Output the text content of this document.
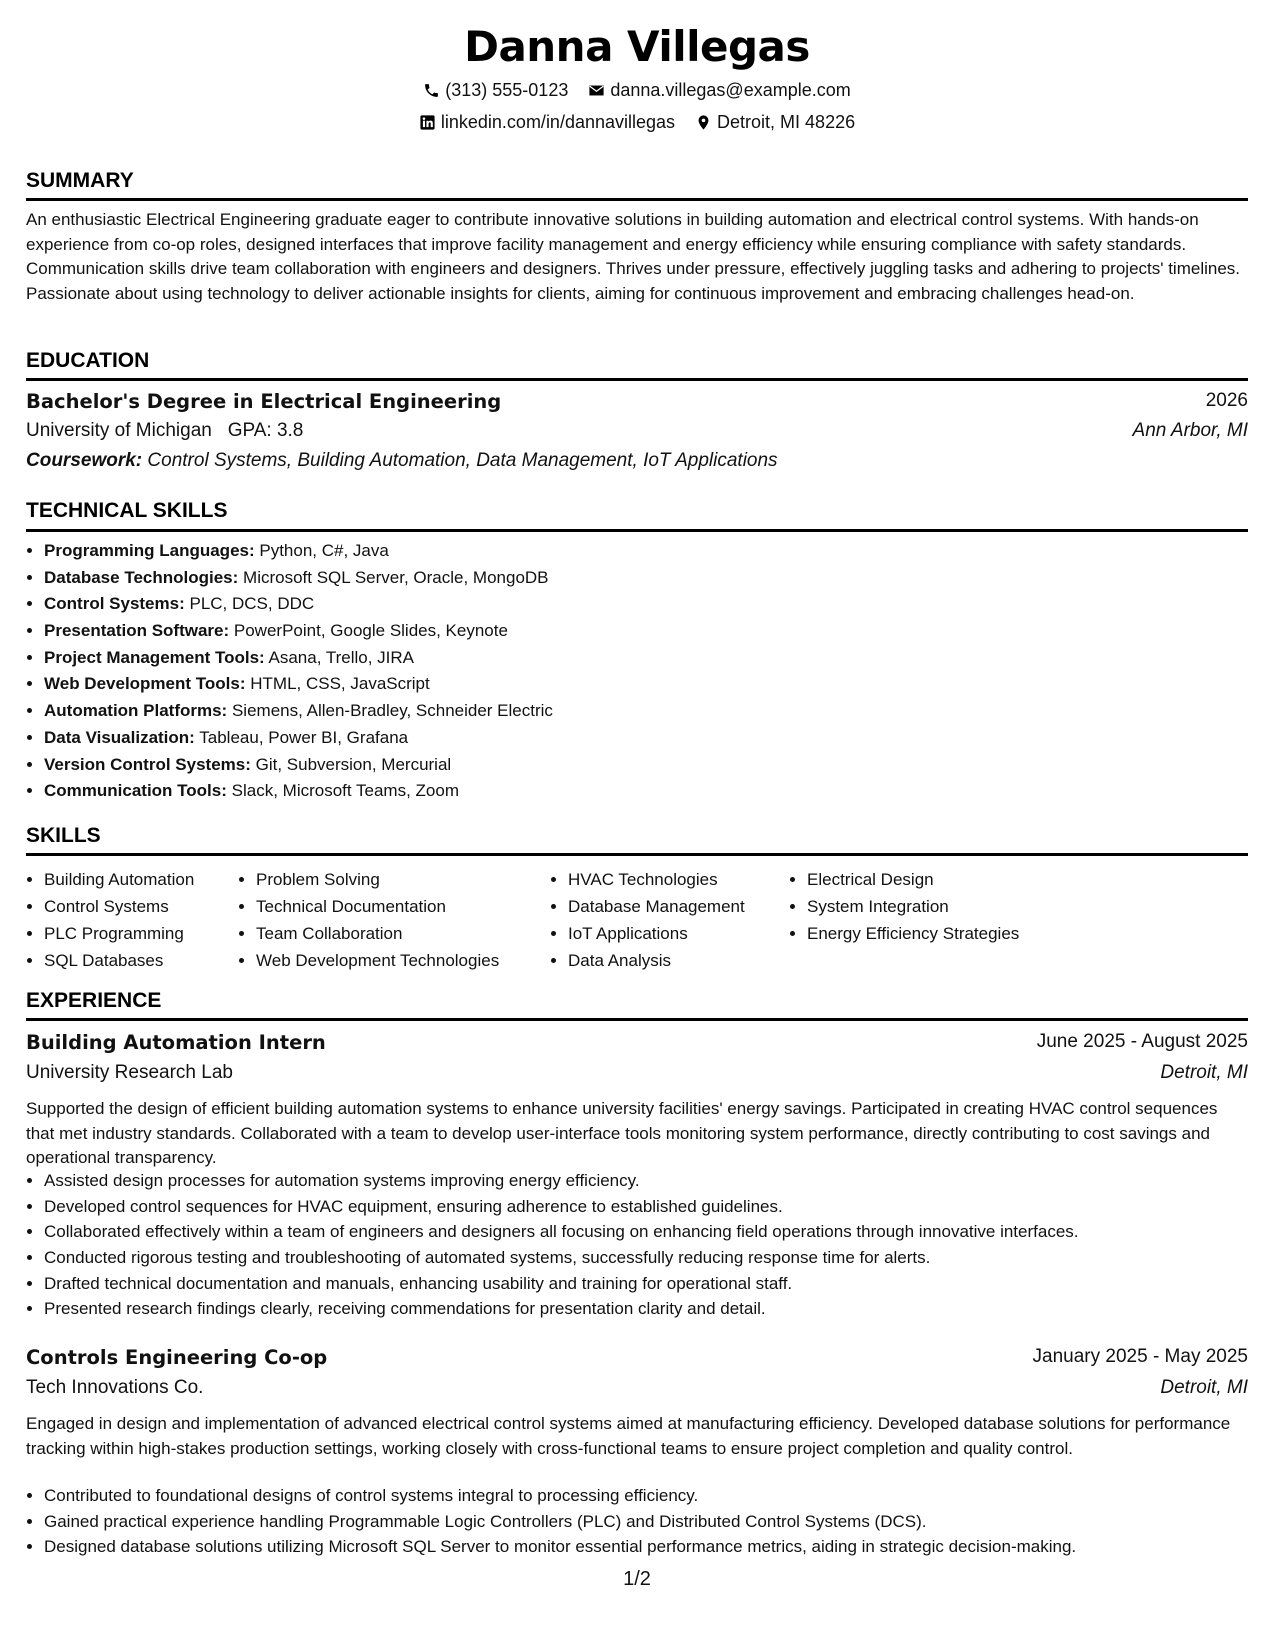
Danna Villegas
(313) 555-0123 danna.villegas@example.com
linkedin.com/in/dannavillegas Detroit, MI 48226
SUMMARY
An enthusiastic Electrical Engineering graduate eager to contribute innovative solutions in building automation and electrical control systems. With hands-on experience from co-op roles, designed interfaces that improve facility management and energy efficiency while ensuring compliance with safety standards. Communication skills drive team collaboration with engineers and designers. Thrives under pressure, effectively juggling tasks and adhering to projects' timelines. Passionate about using technology to deliver actionable insights for clients, aiming for continuous improvement and embracing challenges head-on.
EDUCATION
Bachelor's Degree in Electrical Engineering	2026
University of Michigan GPA: 3.8	Ann Arbor, MI
Coursework: Control Systems, Building Automation, Data Management, IoT Applications
TECHNICAL SKILLS
• Programming Languages: Python, C#, Java
• Database Technologies: Microsoft SQL Server, Oracle, MongoDB
• Control Systems: PLC, DCS, DDC
• Presentation Software: PowerPoint, Google Slides, Keynote
• Project Management Tools: Asana, Trello, JIRA
• Web Development Tools: HTML, CSS, JavaScript
• Automation Platforms: Siemens, Allen-Bradley, Schneider Electric
• Data Visualization: Tableau, Power BI, Grafana
• Version Control Systems: Git, Subversion, Mercurial
• Communication Tools: Slack, Microsoft Teams, Zoom
SKILLS
• Building Automation
• Control Systems
• PLC Programming
• SQL Databases
• Problem Solving
• Technical Documentation
• Team Collaboration
• Web Development Technologies
• HVAC Technologies
• Database Management
• IoT Applications
• Data Analysis
• Electrical Design
• System Integration
• Energy Efficiency Strategies
EXPERIENCE
Building Automation Intern	June 2025 - August 2025
University Research Lab	Detroit, MI
Supported the design of efficient building automation systems to enhance university facilities' energy savings. Participated in creating HVAC control sequences that met industry standards. Collaborated with a team to develop user-interface tools monitoring system performance, directly contributing to cost savings and operational transparency.
• Assisted design processes for automation systems improving energy efficiency.
• Developed control sequences for HVAC equipment, ensuring adherence to established guidelines.
• Collaborated effectively within a team of engineers and designers all focusing on enhancing field operations through innovative interfaces.
• Conducted rigorous testing and troubleshooting of automated systems, successfully reducing response time for alerts.
• Drafted technical documentation and manuals, enhancing usability and training for operational staff.
• Presented research findings clearly, receiving commendations for presentation clarity and detail.
Controls Engineering Co-op	January 2025 - May 2025
Tech Innovations Co.	Detroit, MI
Engaged in design and implementation of advanced electrical control systems aimed at manufacturing efficiency. Developed database solutions for performance tracking within high-stakes production settings, working closely with cross-functional teams to ensure project completion and quality control.
• Contributed to foundational designs of control systems integral to processing efficiency.
• Gained practical experience handling Programmable Logic Controllers (PLC) and Distributed Control Systems (DCS).
• Designed database solutions utilizing Microsoft SQL Server to monitor essential performance metrics, aiding in strategic decision-making.
1/2
